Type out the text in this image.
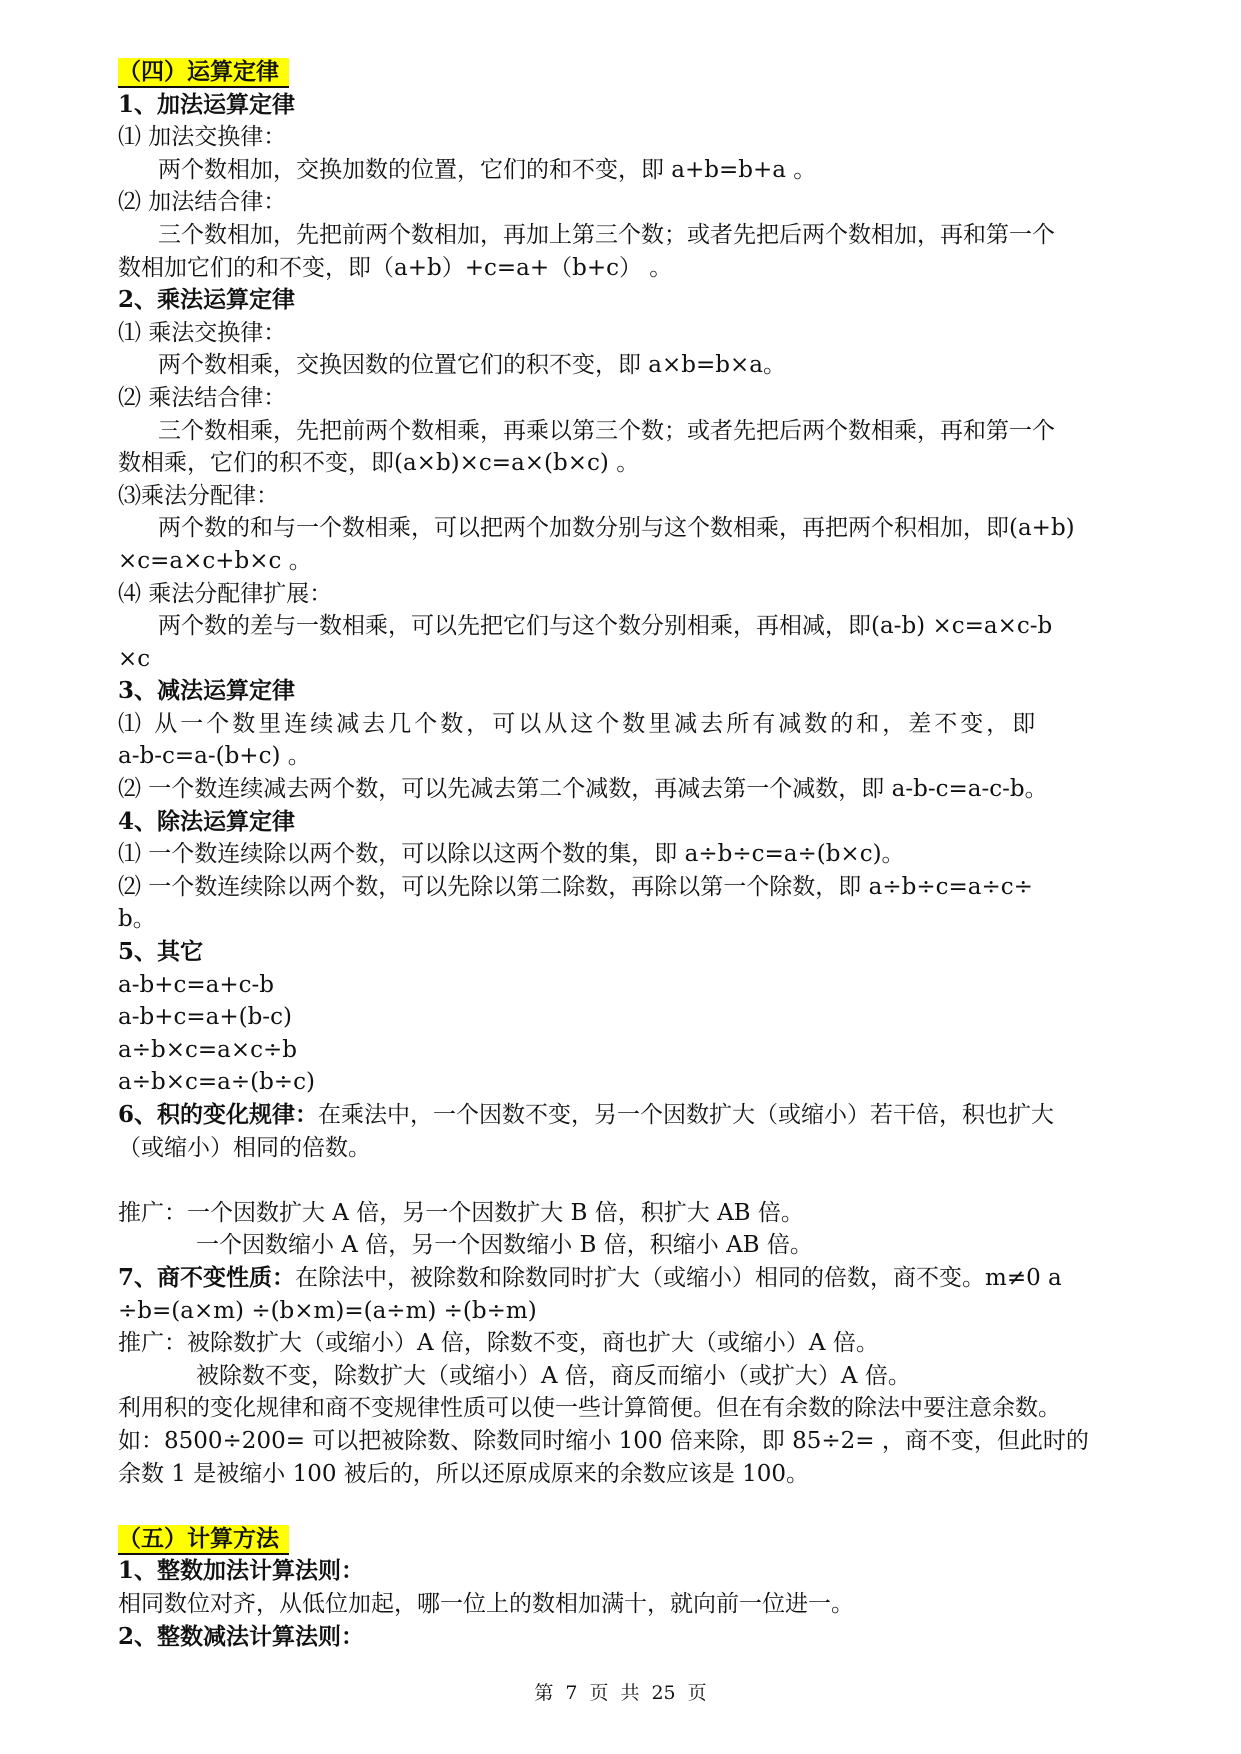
（四）运算定律
1、加法运算定律
⑴ 加法交换律：
两个数相加，交换加数的位置，它们的和不变，即 a+b=b+a 。
⑵ 加法结合律：
三个数相加，先把前两个数相加，再加上第三个数；或者先把后两个数相加，再和第一个
数相加它们的和不变，即（a+b）+c=a+（b+c） 。
2、乘法运算定律
⑴ 乘法交换律：
两个数相乘，交换因数的位置它们的积不变，即 a×b=b×a。
⑵ 乘法结合律：
三个数相乘，先把前两个数相乘，再乘以第三个数；或者先把后两个数相乘，再和第一个
数相乘，它们的积不变，即(a×b)×c=a×(b×c) 。
⑶乘法分配律：
两个数的和与一个数相乘，可以把两个加数分别与这个数相乘，再把两个积相加，即(a+b)
×c=a×c+b×c 。
⑷ 乘法分配律扩展：
两个数的差与一数相乘，可以先把它们与这个数分别相乘，再相减，即(a-b) ×c=a×c-b
×c
3、减法运算定律
⑴ 从一个数里连续减去几个数，可以从这个数里减去所有减数的和，差不变，即
a-b-c=a-(b+c) 。
⑵ 一个数连续减去两个数，可以先减去第二个减数，再减去第一个减数，即 a-b-c=a-c-b。
4、除法运算定律
⑴ 一个数连续除以两个数，可以除以这两个数的集，即 a÷b÷c=a÷(b×c)。
⑵ 一个数连续除以两个数，可以先除以第二除数，再除以第一个除数，即 a÷b÷c=a÷c÷
b。
5、其它
a-b+c=a+c-b
a-b+c=a+(b-c)
a÷b×c=a×c÷b
a÷b×c=a÷(b÷c)
6、积的变化规律：在乘法中，一个因数不变，另一个因数扩大（或缩小）若干倍，积也扩大
（或缩小）相同的倍数。
推广：一个因数扩大 A 倍，另一个因数扩大 B 倍，积扩大 AB 倍。
一个因数缩小 A 倍，另一个因数缩小 B 倍，积缩小 AB 倍。
7、商不变性质：在除法中，被除数和除数同时扩大（或缩小）相同的倍数，商不变。m≠0 a
÷b=(a×m) ÷(b×m)=(a÷m) ÷(b÷m)
推广：被除数扩大（或缩小）A 倍，除数不变，商也扩大（或缩小）A 倍。
被除数不变，除数扩大（或缩小）A 倍，商反而缩小（或扩大）A 倍。
利用积的变化规律和商不变规律性质可以使一些计算简便。但在有余数的除法中要注意余数。
如：8500÷200= 可以把被除数、除数同时缩小 100 倍来除，即 85÷2= ，商不变，但此时的
余数 1 是被缩小 100 被后的，所以还原成原来的余数应该是 100。
（五）计算方法
1、整数加法计算法则：
相同数位对齐，从低位加起，哪一位上的数相加满十，就向前一位进一。
2、整数减法计算法则：
第 7 页 共 25 页
